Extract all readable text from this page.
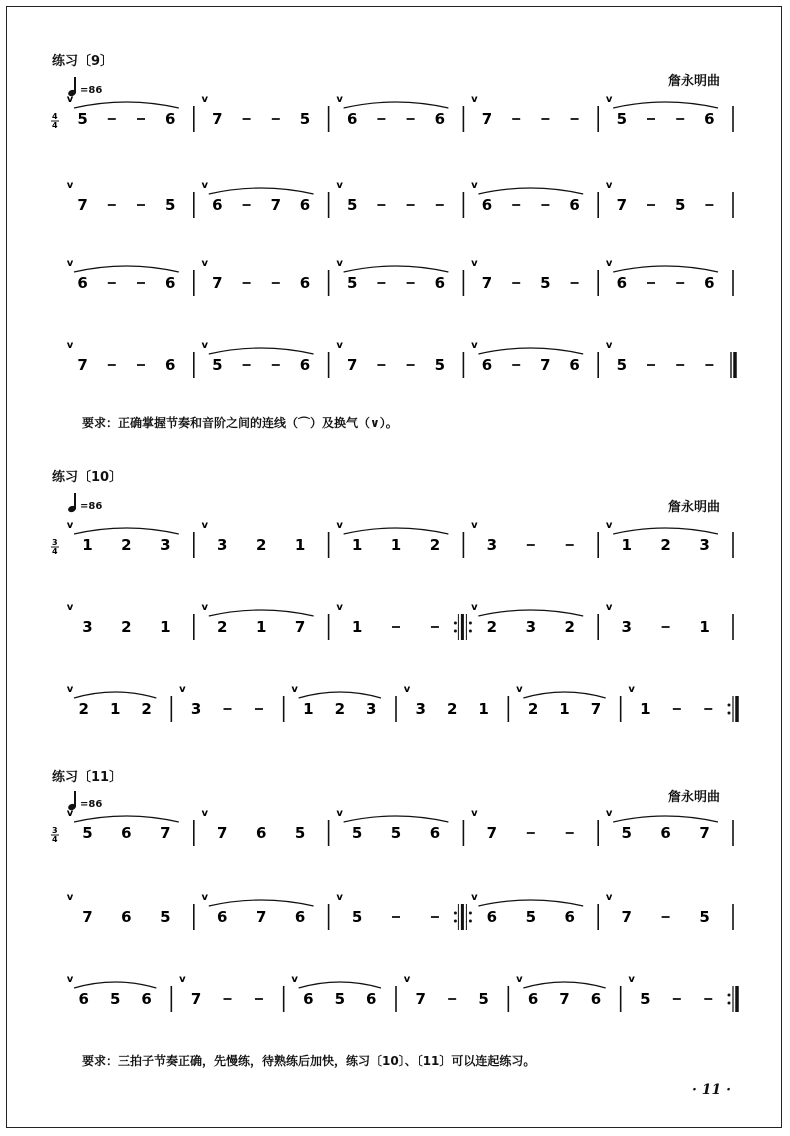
练习〔9〕
=86
詹永明曲
要求：正确掌握节奏和音阶之间的连线（⌒）及换气（∨）。
练习〔10〕
=86	詹永明曲
练习〔11〕
=86	詹永明曲
要求：三拍子节奏正确，先慢练，待熟练后加快，练习〔10〕、〔11〕可以连起练习。
· 11 ·
4
4 5	6 7	5 6	6 7	5	6
v	v	v	v	v
7	5 6	7 6 5	6	6 7	5
v	v	v	v	v
6	6 7	6 5	6 7	5	6	6
v	v	v	v	v
7	6 5	6 7	5 6	7 6 5
v	v	v	v	v
3
4 1 2 3	3 2 1	1 1 2	3	1 2 3
v	v	v	v	v
3 2 1	2 1 7	1	2 3 2	3	1
v	v	v	v	v
2 1 2	3	1 2 3	3 2 1	2 1 7	1
v	v	v	v	v	v
3
4 5 6 7	7 6 5	5 5 6	7	5 6 7
v	v	v	v	v
7 6 5	6 7 6	5	6 5 6	7	5
v	v	v	v	v
6 5 6	7	6 5 6	7	5	6 7 6	5
v	v	v	v	v	v
